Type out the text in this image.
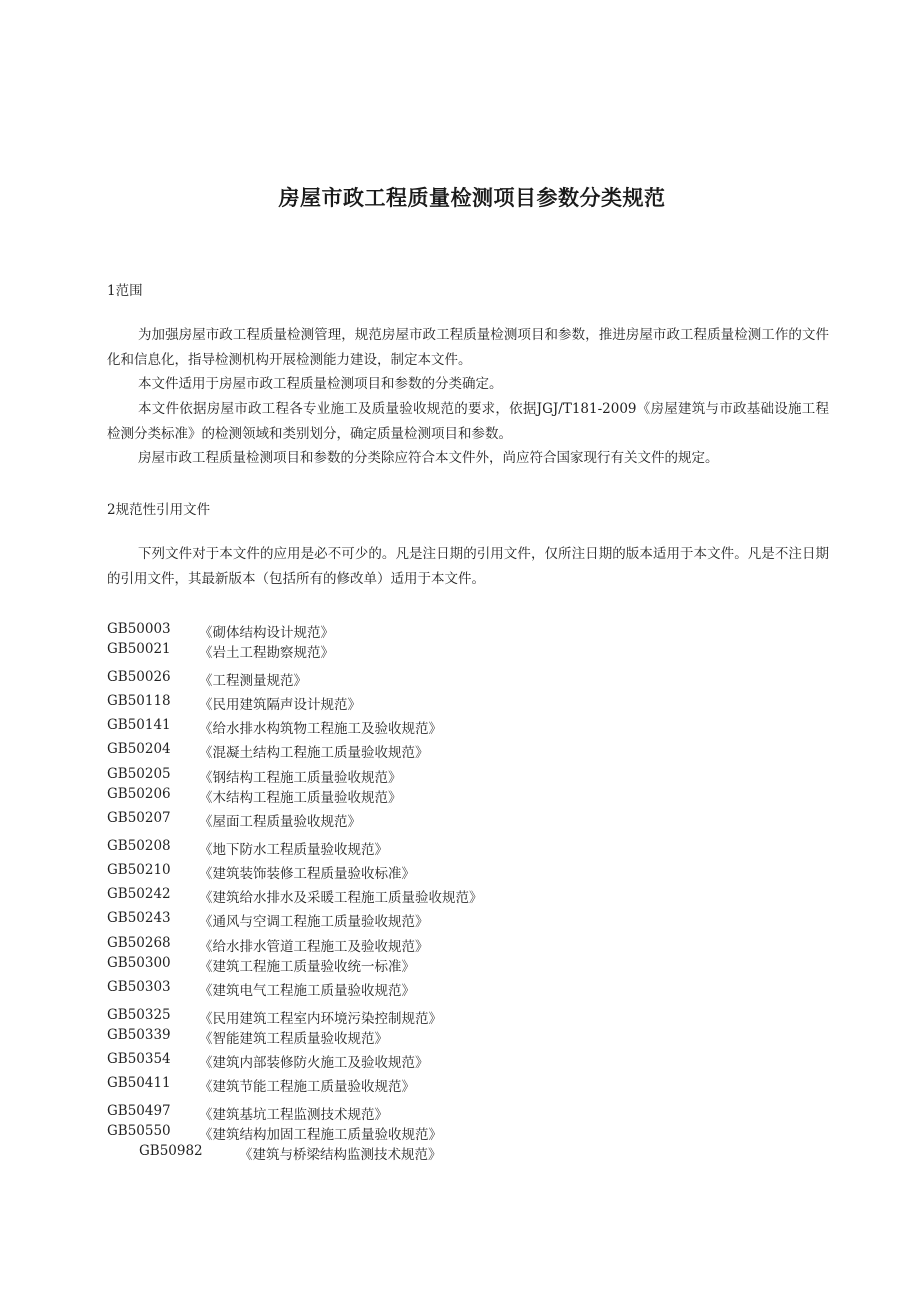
房屋市政工程质量检测项目参数分类规范
1范围

为加强房屋市政工程质量检测管理，规范房屋市政工程质量检测项目和参数，推进房屋市政工程质量检测工作的文件化和信息化，指导检测机构开展检测能力建设，制定本文件。

本文件适用于房屋市政工程质量检测项目和参数的分类确定。

本文件依据房屋市政工程各专业施工及质量验收规范的要求，依据JGJ/T181-2009《房屋建筑与市政基础设施工程检测分类标准》的检测领域和类别划分，确定质量检测项目和参数。

房屋市政工程质量检测项目和参数的分类除应符合本文件外，尚应符合国家现行有关文件的规定。

2规范性引用文件

下列文件对于本文件的应用是必不可少的。凡是注日期的引用文件，仅所注日期的版本适用于本文件。凡是不注日期的引用文件，其最新版本（包括所有的修改单）适用于本文件。

GB50003	《砌体结构设计规范》
GB50021	《岩土工程勘察规范》
GB50026	《工程测量规范》
GB50118	《民用建筑隔声设计规范》
GB50141	《给水排水构筑物工程施工及验收规范》
GB50204	《混凝土结构工程施工质量验收规范》
GB50205	《钢结构工程施工质量验收规范》
GB50206	《木结构工程施工质量验收规范》
GB50207	《屋面工程质量验收规范》
GB50208	《地下防水工程质量验收规范》
GB50210	《建筑装饰装修工程质量验收标准》
GB50242	《建筑给水排水及采暖工程施工质量验收规范》
GB50243	《通风与空调工程施工质量验收规范》
GB50268	《给水排水管道工程施工及验收规范》
GB50300	《建筑工程施工质量验收统一标准》
GB50303	《建筑电气工程施工质量验收规范》
GB50325	《民用建筑工程室内环境污染控制规范》
GB50339	《智能建筑工程质量验收规范》
GB50354	《建筑内部装修防火施工及验收规范》
GB50411	《建筑节能工程施工质量验收规范》
GB50497	《建筑基坑工程监测技术规范》
GB50550	《建筑结构加固工程施工质量验收规范》
GB50982	《建筑与桥梁结构监测技术规范》
